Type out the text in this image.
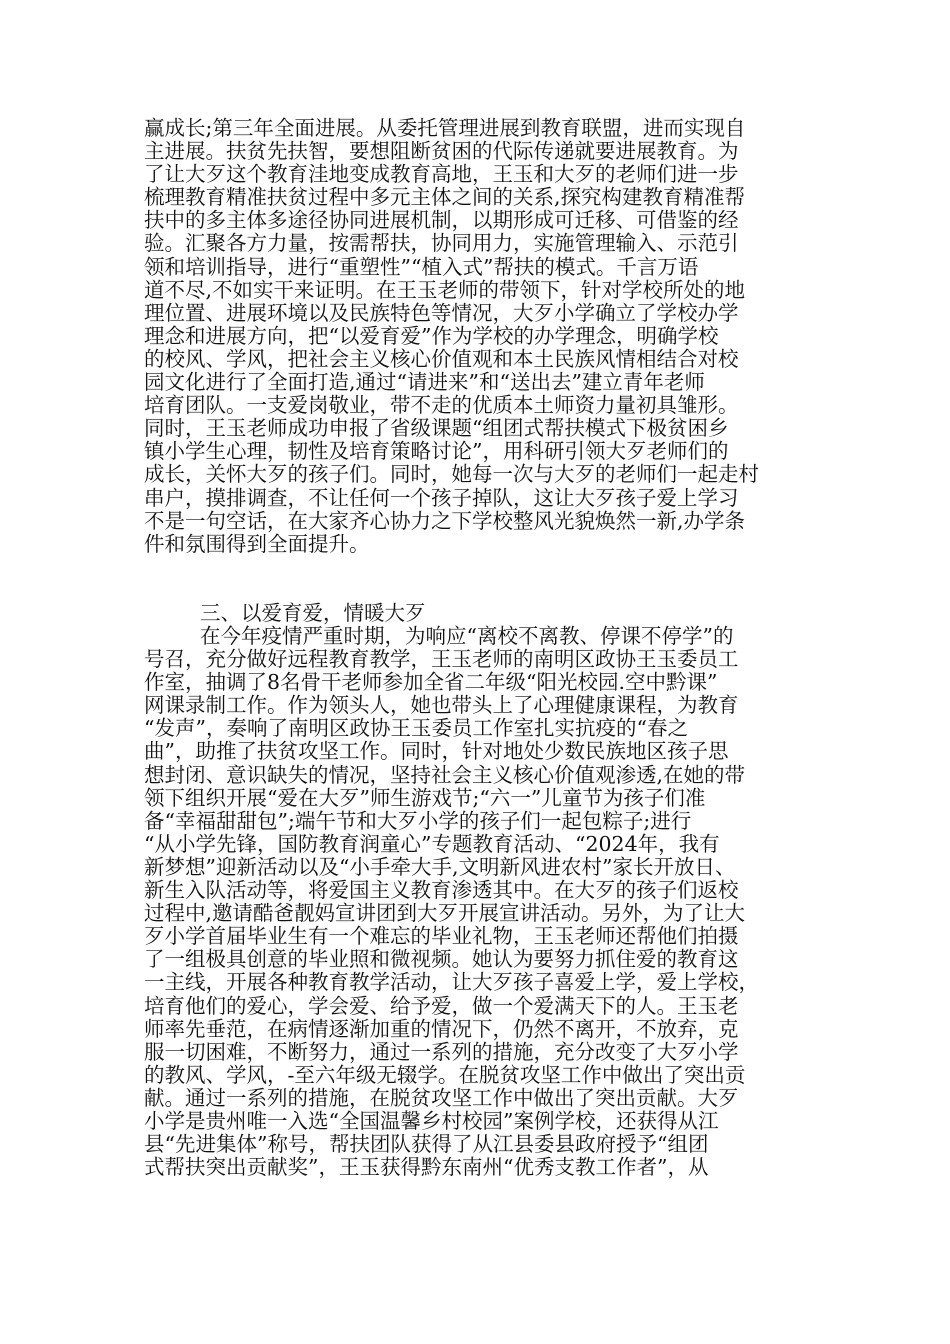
赢成长;第三年全面进展。从委托管理进展到教育联盟，进而实现自
主进展。扶贫先扶智，要想阻断贫困的代际传递就要进展教育。为
了让大歹这个教育洼地变成教育高地，王玉和大歹的老师们进一步
梳理教育精准扶贫过程中多元主体之间的关系,探究构建教育精准帮
扶中的多主体多途径协同进展机制，以期形成可迁移、可借鉴的经
验。汇聚各方力量，按需帮扶，协同用力，实施管理输入、示范引
领和培训指导，进行“重塑性”“植入式”帮扶的模式。千言万语
道不尽,不如实干来证明。在王玉老师的带领下，针对学校所处的地
理位置、进展环境以及民族特色等情况，大歹小学确立了学校办学
理念和进展方向，把“以爱育爱”作为学校的办学理念，明确学校
的校风、学风，把社会主义核心价值观和本土民族风情相结合对校
园文化进行了全面打造,通过“请进来”和“送出去”建立青年老师
培育团队。一支爱岗敬业，带不走的优质本土师资力量初具雏形。
同时，王玉老师成功申报了省级课题“组团式帮扶模式下极贫困乡
镇小学生心理，韧性及培育策略讨论”，用科研引领大歹老师们的
成长，关怀大歹的孩子们。同时，她每一次与大歹的老师们一起走村
串户，摸排调查，不让任何一个孩子掉队，这让大歹孩子爱上学习
不是一句空话，在大家齐心协力之下学校整风光貌焕然一新,办学条
件和氛围得到全面提升。
三、以爱育爱，情暖大歹
在今年疫情严重时期，为响应“离校不离教、停课不停学”的
号召，充分做好远程教育教学，王玉老师的南明区政协王玉委员工
作室，抽调了8名骨干老师参加全省二年级“阳光校园.空中黔课”
网课录制工作。作为领头人，她也带头上了心理健康课程，为教育
“发声”，奏响了南明区政协王玉委员工作室扎实抗疫的“春之
曲”，助推了扶贫攻坚工作。同时，针对地处少数民族地区孩子思
想封闭、意识缺失的情况，坚持社会主义核心价值观渗透,在她的带
领下组织开展“爱在大歹”师生游戏节;“六一”儿童节为孩子们准
备“幸福甜甜包”;端午节和大歹小学的孩子们一起包粽子;进行
“从小学先锋，国防教育润童心”专题教育活动、“2024年，我有
新梦想”迎新活动以及“小手牵大手,文明新风进农村”家长开放日、
新生入队活动等，将爱国主义教育渗透其中。在大歹的孩子们返校
过程中,邀请酷爸靓妈宣讲团到大歹开展宣讲活动。另外，为了让大
歹小学首届毕业生有一个难忘的毕业礼物，王玉老师还帮他们拍摄
了一组极具创意的毕业照和微视频。她认为要努力抓住爱的教育这
一主线，开展各种教育教学活动，让大歹孩子喜爱上学，爱上学校，
培育他们的爱心，学会爱、给予爱，做一个爱满天下的人。王玉老
师率先垂范，在病情逐渐加重的情况下，仍然不离开，不放弃，克
服一切困难，不断努力，通过一系列的措施，充分改变了大歹小学
的教风、学风，-至六年级无辍学。在脱贫攻坚工作中做出了突出贡
献。通过一系列的措施，在脱贫攻坚工作中做出了突出贡献。大歹
小学是贵州唯一入选“全国温馨乡村校园”案例学校，还获得从江
县“先进集体”称号，帮扶团队获得了从江县委县政府授予“组团
式帮扶突出贡献奖”，王玉获得黔东南州“优秀支教工作者”，从
